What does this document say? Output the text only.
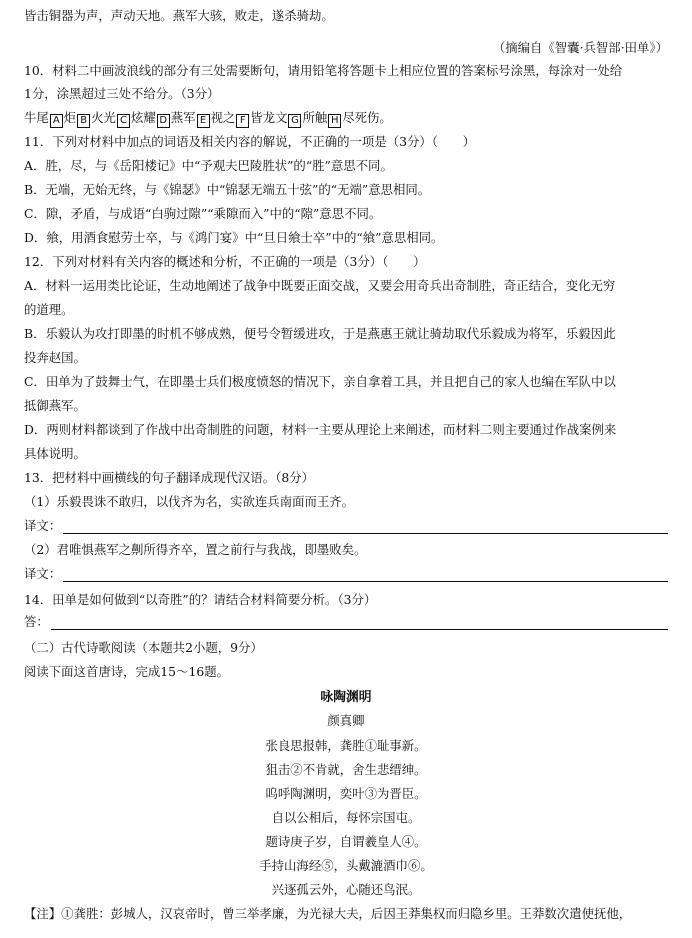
皆击铜器为声，声动天地。燕军大骇，败走，遂杀骑劫。
（摘编自《智囊·兵智部·田单》）
10．材料二中画波浪线的部分有三处需要断句，请用铅笔将答题卡上相应位置的答案标号涂黑，每涂对一处给
1分，涂黑超过三处不给分。（3分）
牛尾 A 炬 B 火光 C 炫耀 D 燕军 E 视之 F 皆龙文 G 所触 H 尽死伤。
11．下列对材料中加点的词语及相关内容的解说，不正确的一项是（3分）（　　）
A．胜，尽，与《岳阳楼记》中“予观夫巴陵胜状”的“胜”意思不同。
B．无端，无始无终，与《锦瑟》中“锦瑟无端五十弦”的“无端”意思相同。
C．隙，矛盾，与成语“白驹过隙”“乘隙而入”中的“隙”意思不同。
D．飨，用酒食慰劳士卒，与《鸿门宴》中“旦日飨士卒”中的“飨”意思相同。
12．下列对材料有关内容的概述和分析，不正确的一项是（3分）（　　）
A．材料一运用类比论证，生动地阐述了战争中既要正面交战，又要会用奇兵出奇制胜，奇正结合，变化无穷
的道理。
B．乐毅认为攻打即墨的时机不够成熟，便号令暂缓进攻，于是燕惠王就让骑劫取代乐毅成为将军，乐毅因此
投奔赵国。
C．田单为了鼓舞士气，在即墨士兵们极度愤怒的情况下，亲自拿着工具，并且把自己的家人也编在军队中以
抵御燕军。
D．两则材料都谈到了作战中出奇制胜的问题，材料一主要从理论上来阐述，而材料二则主要通过作战案例来
具体说明。
13．把材料中画横线的句子翻译成现代汉语。（8分）
（1）乐毅畏诛不敢归，以伐齐为名，实欲连兵南面而王齐。
译文：
（2）君唯惧燕军之劓所得齐卒，置之前行与我战，即墨败矣。
译文：
14．田单是如何做到“以奇胜”的？请结合材料简要分析。（3分）
答：
（二）古代诗歌阅读（本题共2小题，9分）
阅读下面这首唐诗，完成15～16题。
咏陶渊明
颜真卿
张良思报韩，龚胜①耻事新。
狙击②不肯就，舍生悲缙绅。
呜呼陶渊明，奕叶③为晋臣。
自以公相后，每怀宗国屯。
题诗庚子岁，自谓羲皇人④。
手持山海经⑤，头戴漉酒巾⑥。
兴逐孤云外，心随还鸟泯。
【注】①龚胜：彭城人，汉哀帝时，曾三举孝廉，为光禄大夫，后因王莽集权而归隐乡里。王莽数次遣使抚他，
